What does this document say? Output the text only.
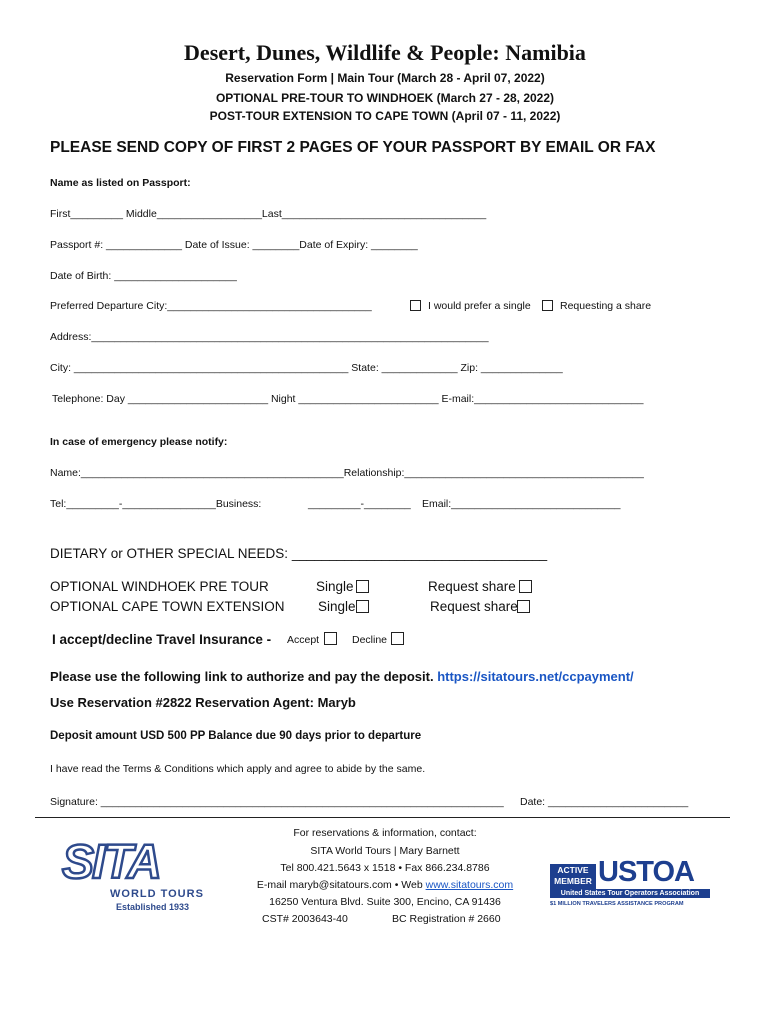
Desert, Dunes, Wildlife & People: Namibia
Reservation Form | Main Tour (March 28 - April 07, 2022)
OPTIONAL PRE-TOUR TO WINDHOEK (March 27 - 28, 2022)
POST-TOUR EXTENSION TO CAPE TOWN (April 07 - 11, 2022)
PLEASE SEND COPY OF FIRST 2 PAGES OF YOUR PASSPORT BY EMAIL OR FAX
Name as listed on Passport:
First_________ Middle__________________Last___________________________________
Passport #: _____________ Date of Issue: ________Date of Expiry: ________
Date of Birth: _____________________
Preferred Departure City:___________________________________	I would prefer a single	Requesting a share
Address:____________________________________________________________________
City: _______________________________________________ State: _____________ Zip: ______________
Telephone: Day ________________________ Night ________________________ E-mail:_____________________________
In case of emergency please notify:
Name:_____________________________________________Relationship:_________________________________________
Tel:_________-________________Business:	_________-________ Email:_____________________________
DIETARY or OTHER SPECIAL NEEDS: __________________________________
OPTIONAL WINDHOEK PRE TOUR	Single	Request share
OPTIONAL CAPE TOWN EXTENSION Single	Request share
I accept/decline Travel Insurance - Accept	Decline
Please use the following link to authorize and pay the deposit. https://sitatours.net/ccpayment/
Use Reservation #2822 Reservation Agent: Maryb
Deposit amount USD 500 PP Balance due 90 days prior to departure
I have read the Terms & Conditions which apply and agree to abide by the same.
Signature: _____________________________________________________________________ Date: ________________________
For reservations & information, contact:
SITA World Tours | Mary Barnett
Tel 800.421.5643 x 1518 • Fax 866.234.8786
E-mail maryb@sitatours.com • Web www.sitatours.com
16250 Ventura Blvd. Suite 300, Encino, CA 91436
CST# 2003643-40	BC Registration # 2660
SITA
WORLD TOURS
Established 1933
ACTIVE
MEMBER USTOA
United States Tour Operators Association
$1 MILLION TRAVELERS ASSISTANCE PROGRAM
